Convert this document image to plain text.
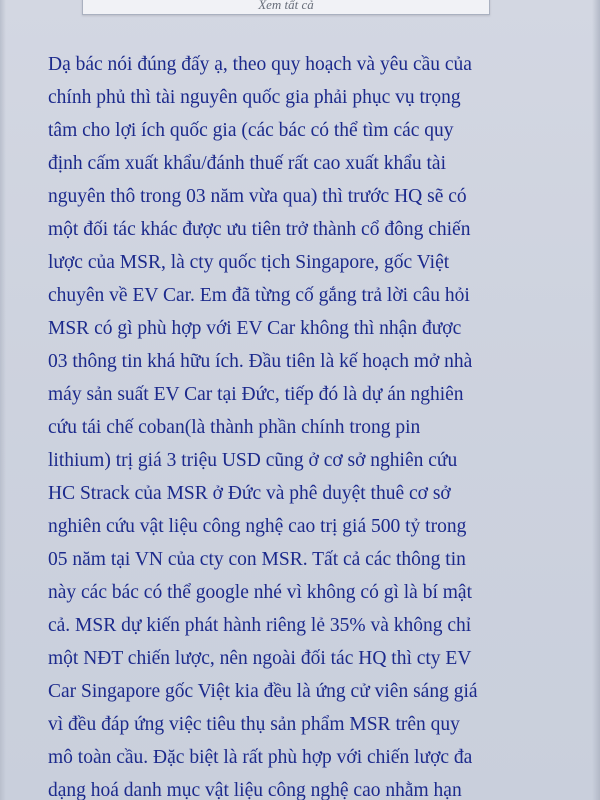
Xem tất cả
Dạ bác nói đúng đấy ạ, theo quy hoạch và yêu cầu của
chính phủ thì tài nguyên quốc gia phải phục vụ trọng
tâm cho lợi ích quốc gia (các bác có thể tìm các quy
định cấm xuất khẩu/đánh thuế rất cao xuất khẩu tài
nguyên thô trong 03 năm vừa qua) thì trước HQ sẽ có
một đối tác khác được ưu tiên trở thành cổ đông chiến
lược của MSR, là cty quốc tịch Singapore, gốc Việt
chuyên về EV Car. Em đã từng cố gắng trả lời câu hỏi
MSR có gì phù hợp với EV Car không thì nhận được
03 thông tin khá hữu ích. Đầu tiên là kế hoạch mở nhà
máy sản suất EV Car tại Đức, tiếp đó là dự án nghiên
cứu tái chế coban(là thành phần chính trong pin
lithium) trị giá 3 triệu USD cũng ở cơ sở nghiên cứu
HC Strack của MSR ở Đức và phê duyệt thuê cơ sở
nghiên cứu vật liệu công nghệ cao trị giá 500 tỷ trong
05 năm tại VN của cty con MSR. Tất cả các thông tin
này các bác có thể google nhé vì không có gì là bí mật
cả. MSR dự kiến phát hành riêng lẻ 35% và không chỉ
một NĐT chiến lược, nên ngoài đối tác HQ thì cty EV
Car Singapore gốc Việt kia đều là ứng cử viên sáng giá
vì đều đáp ứng việc tiêu thụ sản phẩm MSR trên quy
mô toàn cầu. Đặc biệt là rất phù hợp với chiến lược đa
dạng hoá danh mục vật liệu công nghệ cao nhằm hạn
